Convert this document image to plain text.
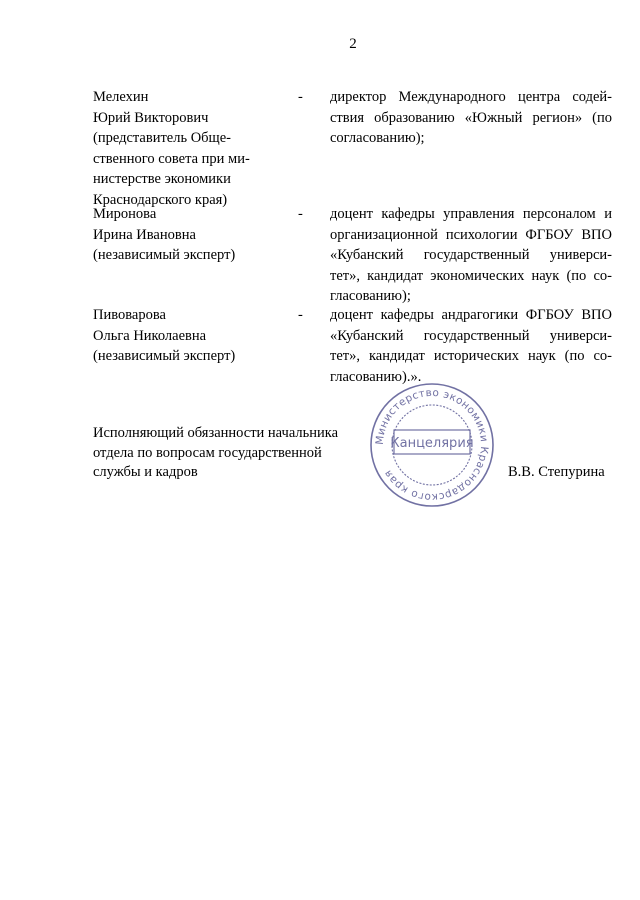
2
Мелехин
Юрий Викторович
(представитель Обще-
ственного совета при ми-
нистерстве экономики
Краснодарского края)
- директор Международного центра содей-
ствия образованию «Южный регион» (по
согласованию);
Миронова
Ирина Ивановна
(независимый эксперт)
- доцент кафедры управления персоналом и
организационной психологии ФГБОУ ВПО
«Кубанский государственный универси-
тет», кандидат экономических наук (по со-
гласованию);
Пивоварова
Ольга Николаевна
(независимый эксперт)
- доцент кафедры андрагогики ФГБОУ ВПО
«Кубанский государственный универси-
тет», кандидат исторических наук (по со-
гласованию).».
Исполняющий обязанности начальника
отдела по вопросам государственной
службы и кадров	В.В. Степурина
Министерство экономики Краснодарского края
Канцелярия
